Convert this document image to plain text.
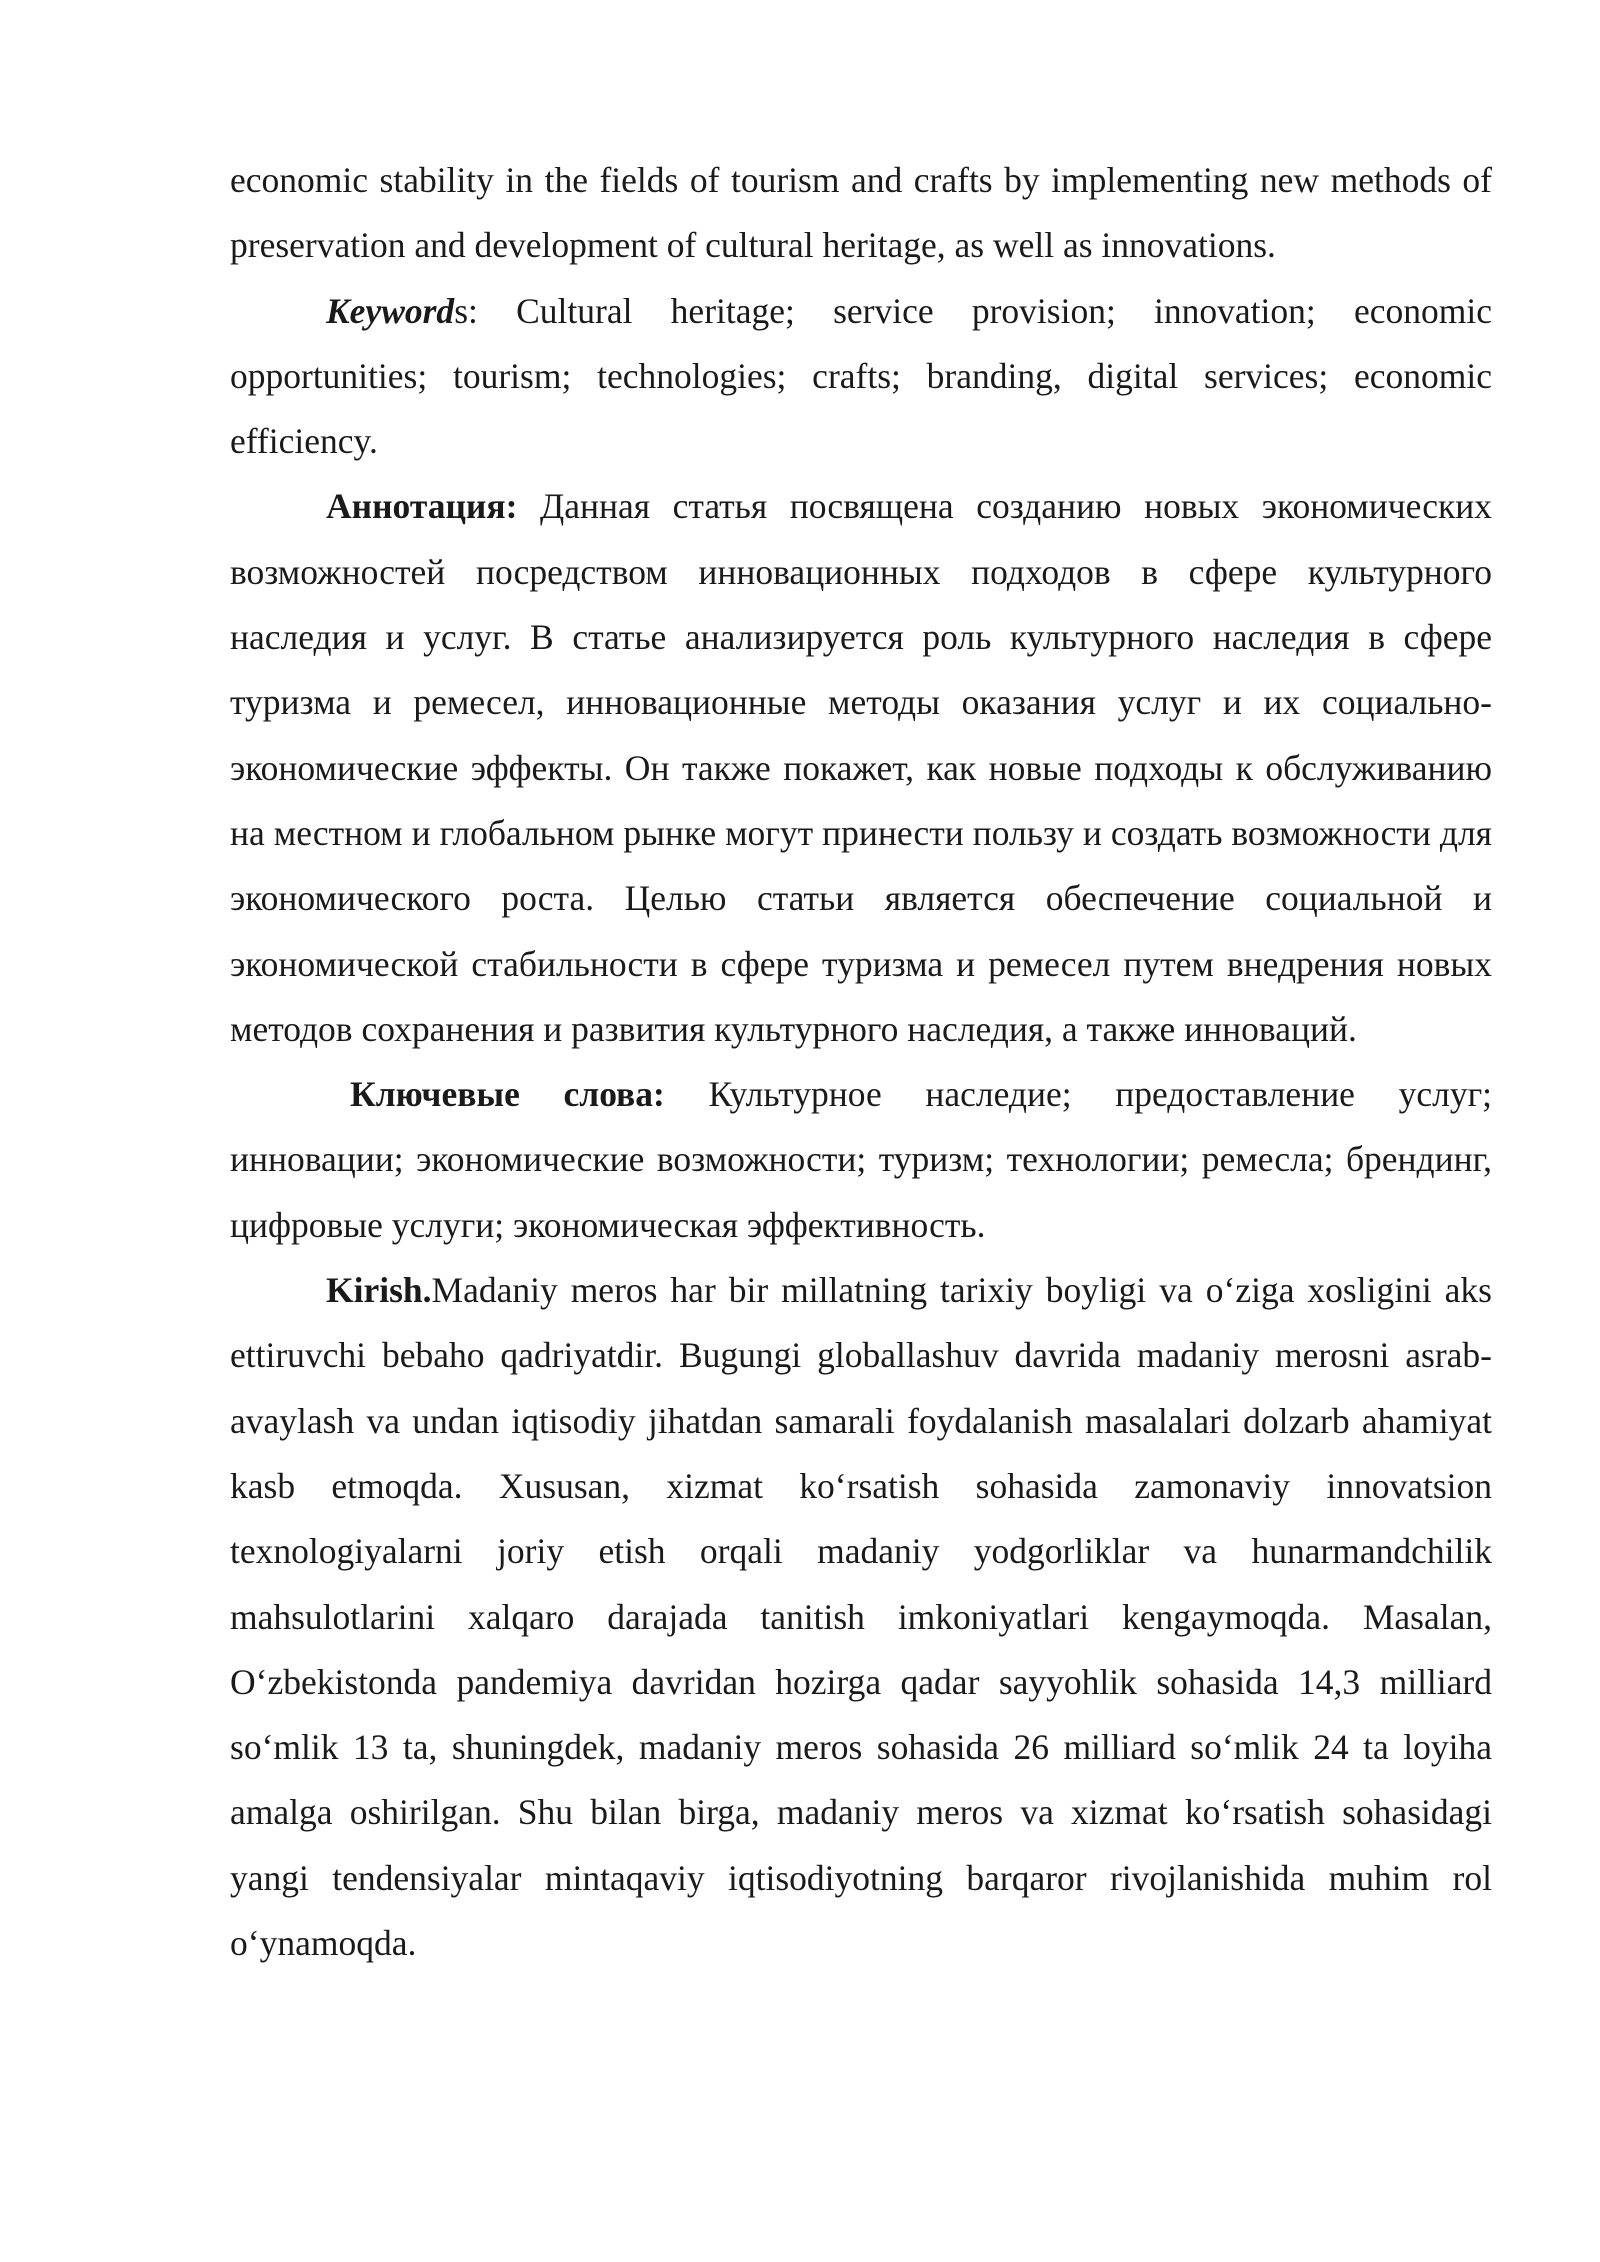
economic stability in the fields of tourism and crafts by implementing new methods of preservation and development of cultural heritage, as well as innovations.

Keywords: Cultural heritage; service provision; innovation; economic opportunities; tourism; technologies; crafts; branding, digital services; economic efficiency.

Аннотация: Данная статья посвящена созданию новых экономических возможностей посредством инновационных подходов в сфере культурного наследия и услуг. В статье анализируется роль культурного наследия в сфере туризма и ремесел, инновационные методы оказания услуг и их социально-экономические эффекты. Он также покажет, как новые подходы к обслуживанию на местном и глобальном рынке могут принести пользу и создать возможности для экономического роста. Целью статьи является обеспечение социальной и экономической стабильности в сфере туризма и ремесел путем внедрения новых методов сохранения и развития культурного наследия, а также инноваций.

Ключевые слова: Культурное наследие; предоставление услуг; инновации; экономические возможности; туризм; технологии; ремесла; брендинг, цифровые услуги; экономическая эффективность.

Kirish.Madaniy meros har bir millatning tarixiy boyligi va o‘ziga xosligini aks ettiruvchi bebaho qadriyatdir. Bugungi globallashuv davrida madaniy merosni asrab-avaylash va undan iqtisodiy jihatdan samarali foydalanish masalalari dolzarb ahamiyat kasb etmoqda. Xususan, xizmat ko‘rsatish sohasida zamonaviy innovatsion texnologiyalarni joriy etish orqali madaniy yodgorliklar va hunarmandchilik mahsulotlarini xalqaro darajada tanitish imkoniyatlari kengaymoqda. Masalan, O‘zbekistonda pandemiya davridan hozirga qadar sayyohlik sohasida 14,3 milliard so‘mlik 13 ta, shuningdek, madaniy meros sohasida 26 milliard so‘mlik 24 ta loyiha amalga oshirilgan. Shu bilan birga, madaniy meros va xizmat ko‘rsatish sohasidagi yangi tendensiyalar mintaqaviy iqtisodiyotning barqaror rivojlanishida muhim rol o‘ynamoqda.
